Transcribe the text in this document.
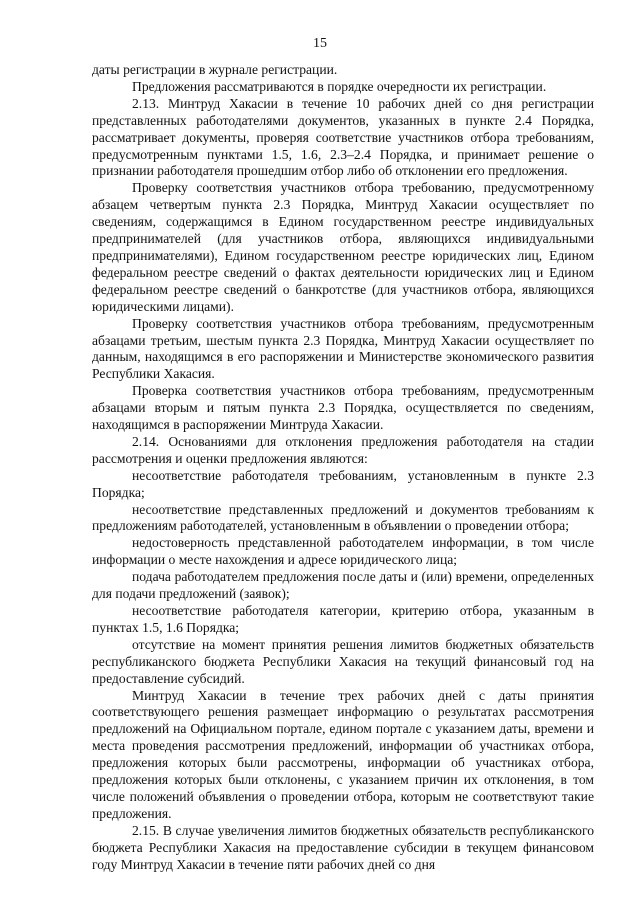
15

даты регистрации в журнале регистрации.

Предложения рассматриваются в порядке очередности их регистрации.

2.13. Минтруд Хакасии в течение 10 рабочих дней со дня регистрации представленных работодателями документов, указанных в пункте 2.4 Порядка, рассматривает документы, проверяя соответствие участников отбора требованиям, предусмотренным пунктами 1.5, 1.6, 2.3–2.4 Порядка, и принимает решение о признании работодателя прошедшим отбор либо об отклонении его предложения.

Проверку соответствия участников отбора требованию, предусмотренному абзацем четвертым пункта 2.3 Порядка, Минтруд Хакасии осуществляет по сведениям, содержащимся в Едином государственном реестре индивидуальных предпринимателей (для участников отбора, являющихся индивидуальными предпринимателями), Едином государственном реестре юридических лиц, Едином федеральном реестре сведений о фактах деятельности юридических лиц и Едином федеральном реестре сведений о банкротстве (для участников отбора, являющихся юридическими лицами).

Проверку соответствия участников отбора требованиям, предусмотренным абзацами третьим, шестым пункта 2.3 Порядка, Минтруд Хакасии осуществляет по данным, находящимся в его распоряжении и Министерстве экономического развития Республики Хакасия.

Проверка соответствия участников отбора требованиям, предусмотренным абзацами вторым и пятым пункта 2.3 Порядка, осуществляется по сведениям, находящимся в распоряжении Минтруда Хакасии.

2.14. Основаниями для отклонения предложения работодателя на стадии рассмотрения и оценки предложения являются:

несоответствие работодателя требованиям, установленным в пункте 2.3 Порядка;

несоответствие представленных предложений и документов требованиям к предложениям работодателей, установленным в объявлении о проведении отбора;

недостоверность представленной работодателем информации, в том числе информации о месте нахождения и адресе юридического лица;

подача работодателем предложения после даты и (или) времени, определенных для подачи предложений (заявок);

несоответствие работодателя категории, критерию отбора, указанным в пунктах 1.5, 1.6 Порядка;

отсутствие на момент принятия решения лимитов бюджетных обязательств республиканского бюджета Республики Хакасия на текущий финансовый год на предоставление субсидий.

Минтруд Хакасии в течение трех рабочих дней с даты принятия соответствующего решения размещает информацию о результатах рассмотрения предложений на Официальном портале, едином портале с указанием даты, времени и места проведения рассмотрения предложений, информации об участниках отбора, предложения которых были рассмотрены, информации об участниках отбора, предложения которых были отклонены, с указанием причин их отклонения, в том числе положений объявления о проведении отбора, которым не соответствуют такие предложения.

2.15. В случае увеличения лимитов бюджетных обязательств республиканского бюджета Республики Хакасия на предоставление субсидии в текущем финансовом году Минтруд Хакасии в течение пяти рабочих дней со дня
